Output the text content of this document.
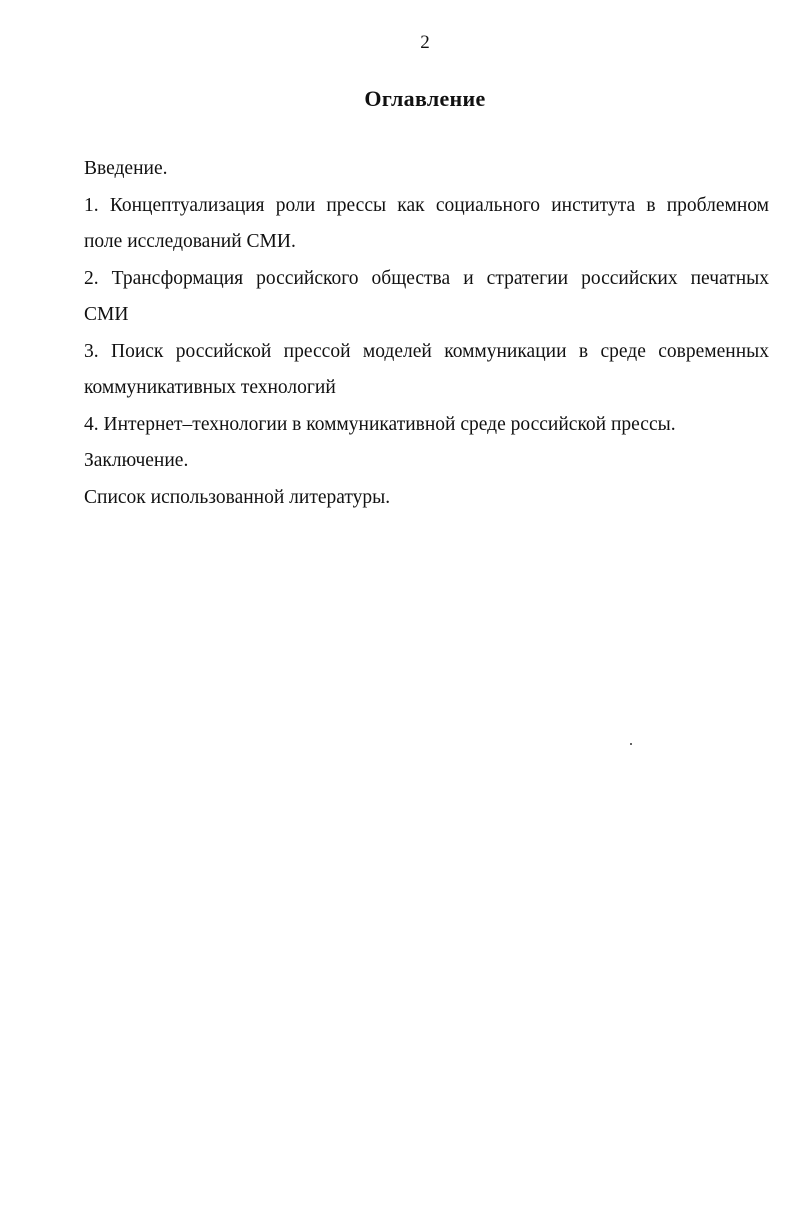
2
Оглавление
Введение.
1. Концептуализация роли прессы как социального института в проблемном
поле исследований СМИ.
2. Трансформация российского общества и стратегии российских печатных
СМИ
3. Поиск российской прессой моделей коммуникации в среде современных
коммуникативных технологий
4. Интернет–технологии в коммуникативной среде российской прессы.
Заключение.
Список использованной литературы.
